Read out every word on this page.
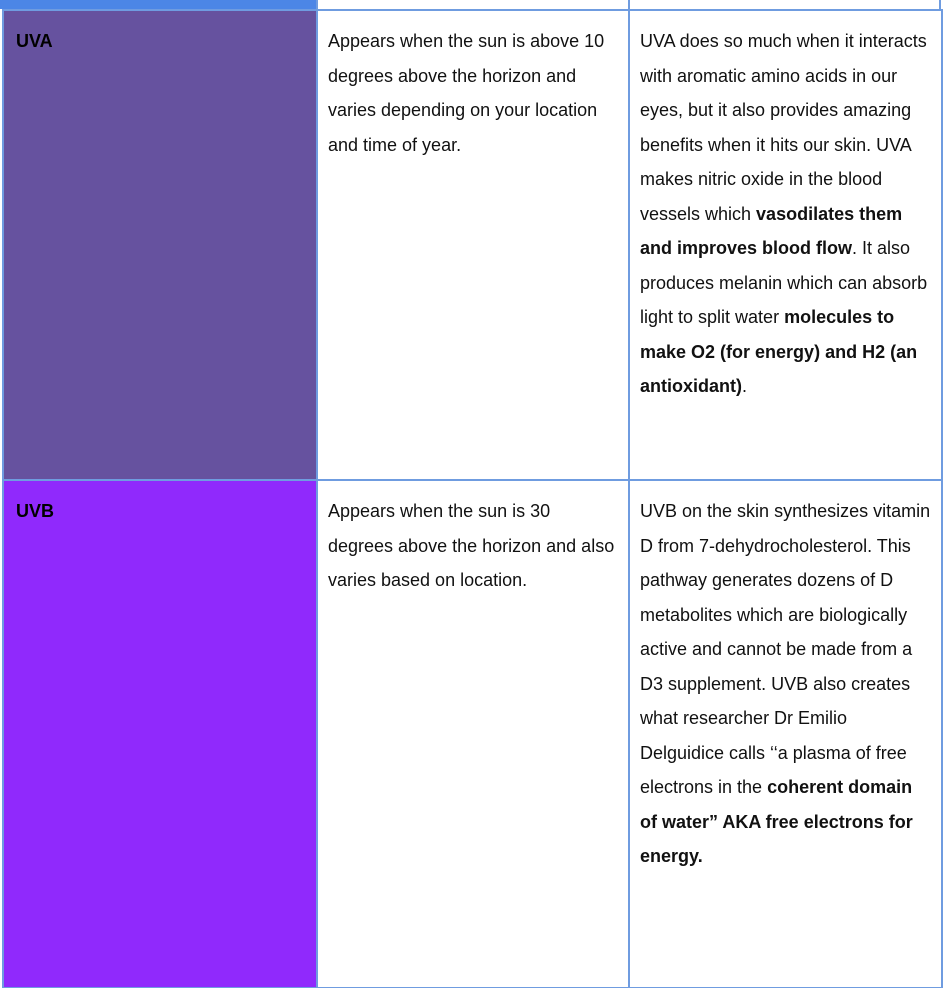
UVA	Appears when the sun is above 10 degrees above the horizon and varies depending on your location and time of year.	UVA does so much when it interacts with aromatic amino acids in our eyes, but it also provides amazing benefits when it hits our skin. UVA makes nitric oxide in the blood vessels which vasodilates them and improves blood flow. It also produces melanin which can absorb light to split water molecules to make O2 (for energy) and H2 (an antioxidant).
UVB	Appears when the sun is 30 degrees above the horizon and also varies based on location.	UVB on the skin synthesizes vitamin D from 7-dehydrocholesterol. This pathway generates dozens of D metabolites which are biologically active and cannot be made from a D3 supplement. UVB also creates what researcher Dr Emilio Delguidice calls ‘‘a plasma of free electrons in the coherent domain of water” AKA free electrons for energy.
